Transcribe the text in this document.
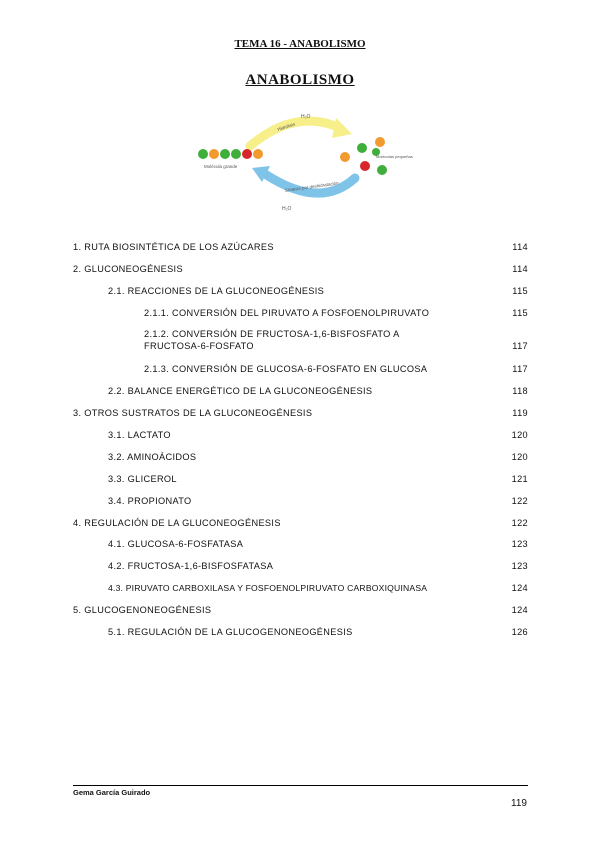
TEMA 16 - ANABOLISMO
ANABOLISMO
H₂O
Hidrólisis
Molécula grande
Moléculas pequeñas
Síntesis por deshidratación
H₂O
1. RUTA BIOSINTÉTICA DE LOS AZÚCARES	114
2. GLUCONEOGÉNESIS	114
2.1. REACCIONES DE LA GLUCONEOGÉNESIS	115
2.1.1. CONVERSIÓN DEL PIRUVATO A FOSFOENOLPIRUVATO	115
2.1.2. CONVERSIÓN DE FRUCTOSA-1,6-BISFOSFATO A
FRUCTOSA-6-FOSFATO	117
2.1.3. CONVERSIÓN DE GLUCOSA-6-FOSFATO EN GLUCOSA	117
2.2. BALANCE ENERGÉTICO DE LA GLUCONEOGÉNESIS	118
3. OTROS SUSTRATOS DE LA GLUCONEOGÉNESIS	119
3.1. LACTATO	120
3.2. AMINOÁCIDOS	120
3.3. GLICEROL	121
3.4. PROPIONATO	122
4. REGULACIÓN DE LA GLUCONEOGÉNESIS	122
4.1. GLUCOSA-6-FOSFATASA	123
4.2. FRUCTOSA-1,6-BISFOSFATASA	123
4.3. PIRUVATO CARBOXILASA Y FOSFOENOLPIRUVATO CARBOXIQUINASA	124
5. GLUCOGENONEOGÉNESIS	124
5.1. REGULACIÓN DE LA GLUCOGENONEOGÉNESIS	126
Gema García Guirado
119
